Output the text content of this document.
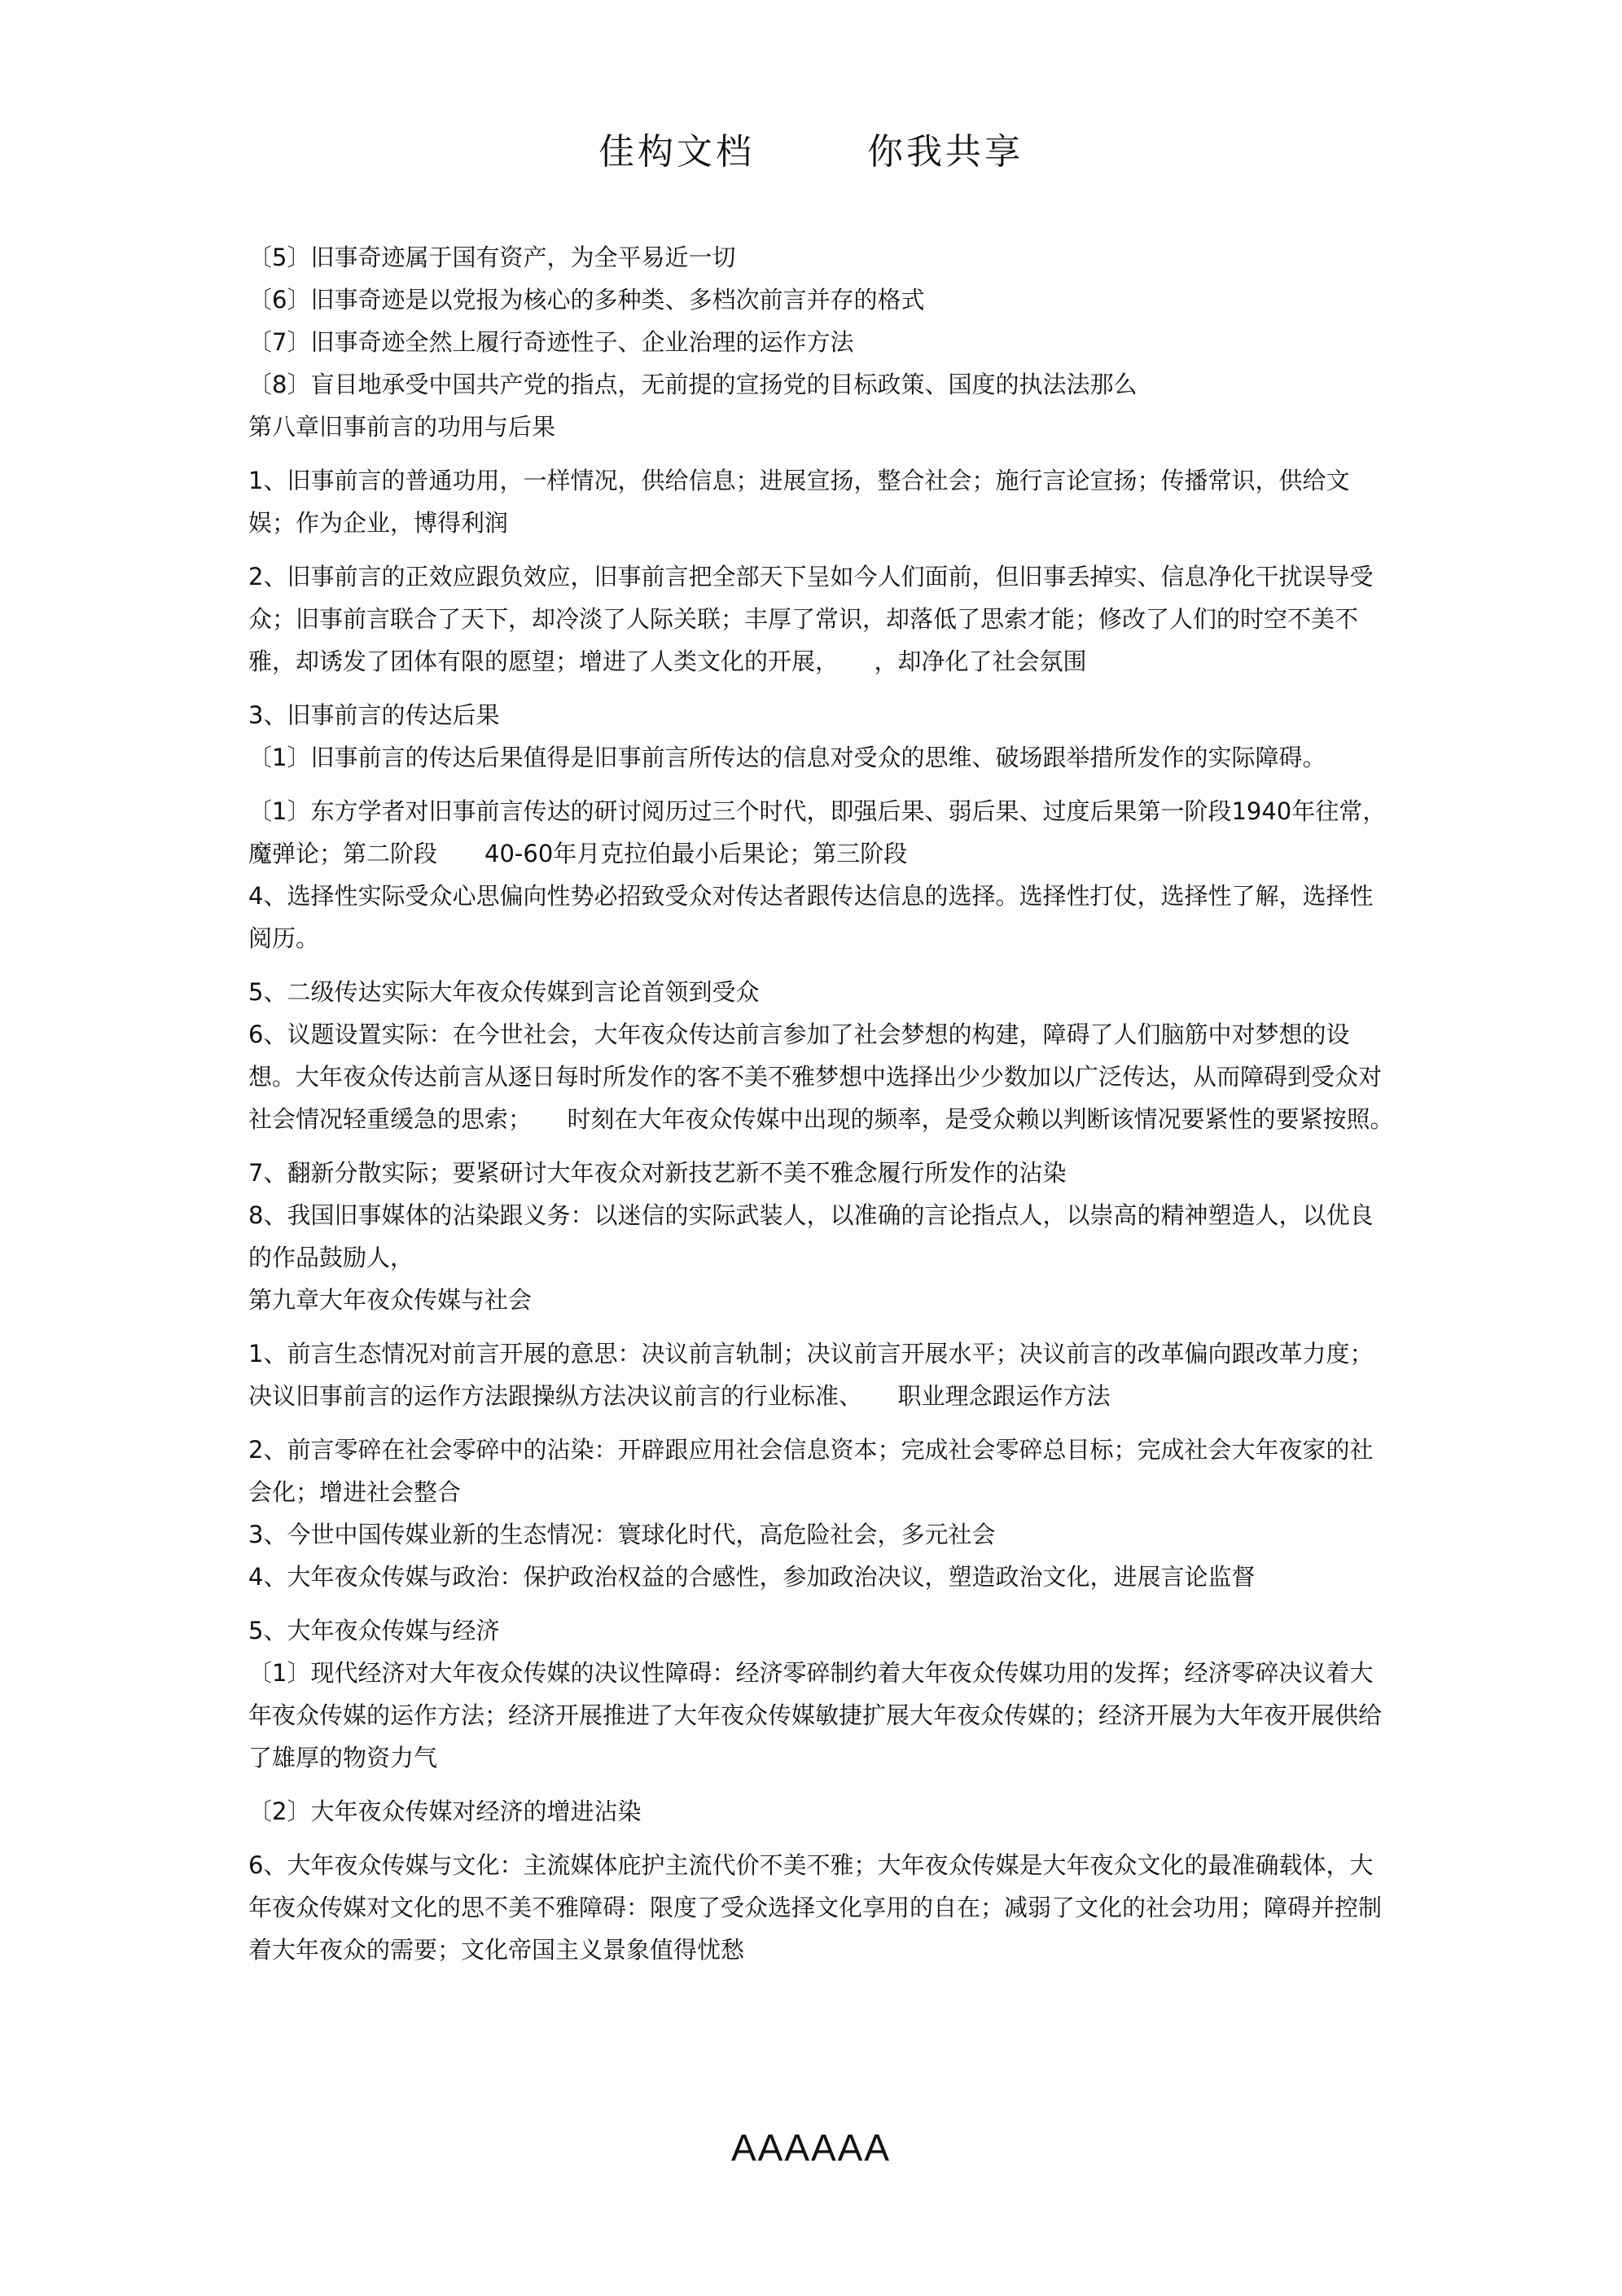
佳构文档	你我共享

〔5〕旧事奇迹属于国有资产，为全平易近一切

〔6〕旧事奇迹是以党报为核心的多种类、多档次前言并存的格式

〔7〕旧事奇迹全然上履行奇迹性子、企业治理的运作方法

〔8〕盲目地承受中国共产党的指点，无前提的宣扬党的目标政策、国度的执法法那么

第八章旧事前言的功用与后果

1、旧事前言的普通功用，一样情况，供给信息；进展宣扬，整合社会；施行言论宣扬；传播常识，供给文娱；作为企业，博得利润

2、旧事前言的正效应跟负效应，旧事前言把全部天下呈如今人们面前，但旧事丢掉实、信息净化干扰误导受众；旧事前言联合了天下，却冷淡了人际关联；丰厚了常识，却落低了思索才能；修改了人们的时空不美不雅，却诱发了团体有限的愿望；增进了人类文化的开展，　　，却净化了社会氛围

3、旧事前言的传达后果

〔1〕旧事前言的传达后果值得是旧事前言所传达的信息对受众的思维、破场跟举措所发作的实际障碍。

〔1〕东方学者对旧事前言传达的研讨阅历过三个时代，即强后果、弱后果、过度后果第一阶段1940年往常，魔弹论；第二阶段　　40-60年月克拉伯最小后果论；第三阶段

4、选择性实际受众心思偏向性势必招致受众对传达者跟传达信息的选择。选择性打仗，选择性了解，选择性阅历。

5、二级传达实际大年夜众传媒到言论首领到受众

6、议题设置实际：在今世社会，大年夜众传达前言参加了社会梦想的构建，障碍了人们脑筋中对梦想的设想。大年夜众传达前言从逐日每时所发作的客不美不雅梦想中选择出少少数加以广泛传达，从而障碍到受众对社会情况轻重缓急的思索；　　时刻在大年夜众传媒中出现的频率，是受众赖以判断该情况要紧性的要紧按照。

7、翻新分散实际；要紧研讨大年夜众对新技艺新不美不雅念履行所发作的沾染

8、我国旧事媒体的沾染跟义务：以迷信的实际武装人，以准确的言论指点人，以崇高的精神塑造人，以优良的作品鼓励人，

第九章大年夜众传媒与社会

1、前言生态情况对前言开展的意思：决议前言轨制；决议前言开展水平；决议前言的改革偏向跟改革力度；决议旧事前言的运作方法跟操纵方法决议前言的行业标准、　　职业理念跟运作方法

2、前言零碎在社会零碎中的沾染：开辟跟应用社会信息资本；完成社会零碎总目标；完成社会大年夜家的社会化；增进社会整合

3、今世中国传媒业新的生态情况：寰球化时代，高危险社会，多元社会

4、大年夜众传媒与政治：保护政治权益的合感性，参加政治决议，塑造政治文化，进展言论监督

5、大年夜众传媒与经济

〔1〕现代经济对大年夜众传媒的决议性障碍：经济零碎制约着大年夜众传媒功用的发挥；经济零碎决议着大年夜众传媒的运作方法；经济开展推进了大年夜众传媒敏捷扩展大年夜众传媒的；经济开展为大年夜开展供给了雄厚的物资力气

〔2〕大年夜众传媒对经济的增进沾染

6、大年夜众传媒与文化：主流媒体庇护主流代价不美不雅；大年夜众传媒是大年夜众文化的最准确载体，大年夜众传媒对文化的思不美不雅障碍：限度了受众选择文化享用的自在；减弱了文化的社会功用；障碍并控制着大年夜众的需要；文化帝国主义景象值得忧愁

AAAAAA
